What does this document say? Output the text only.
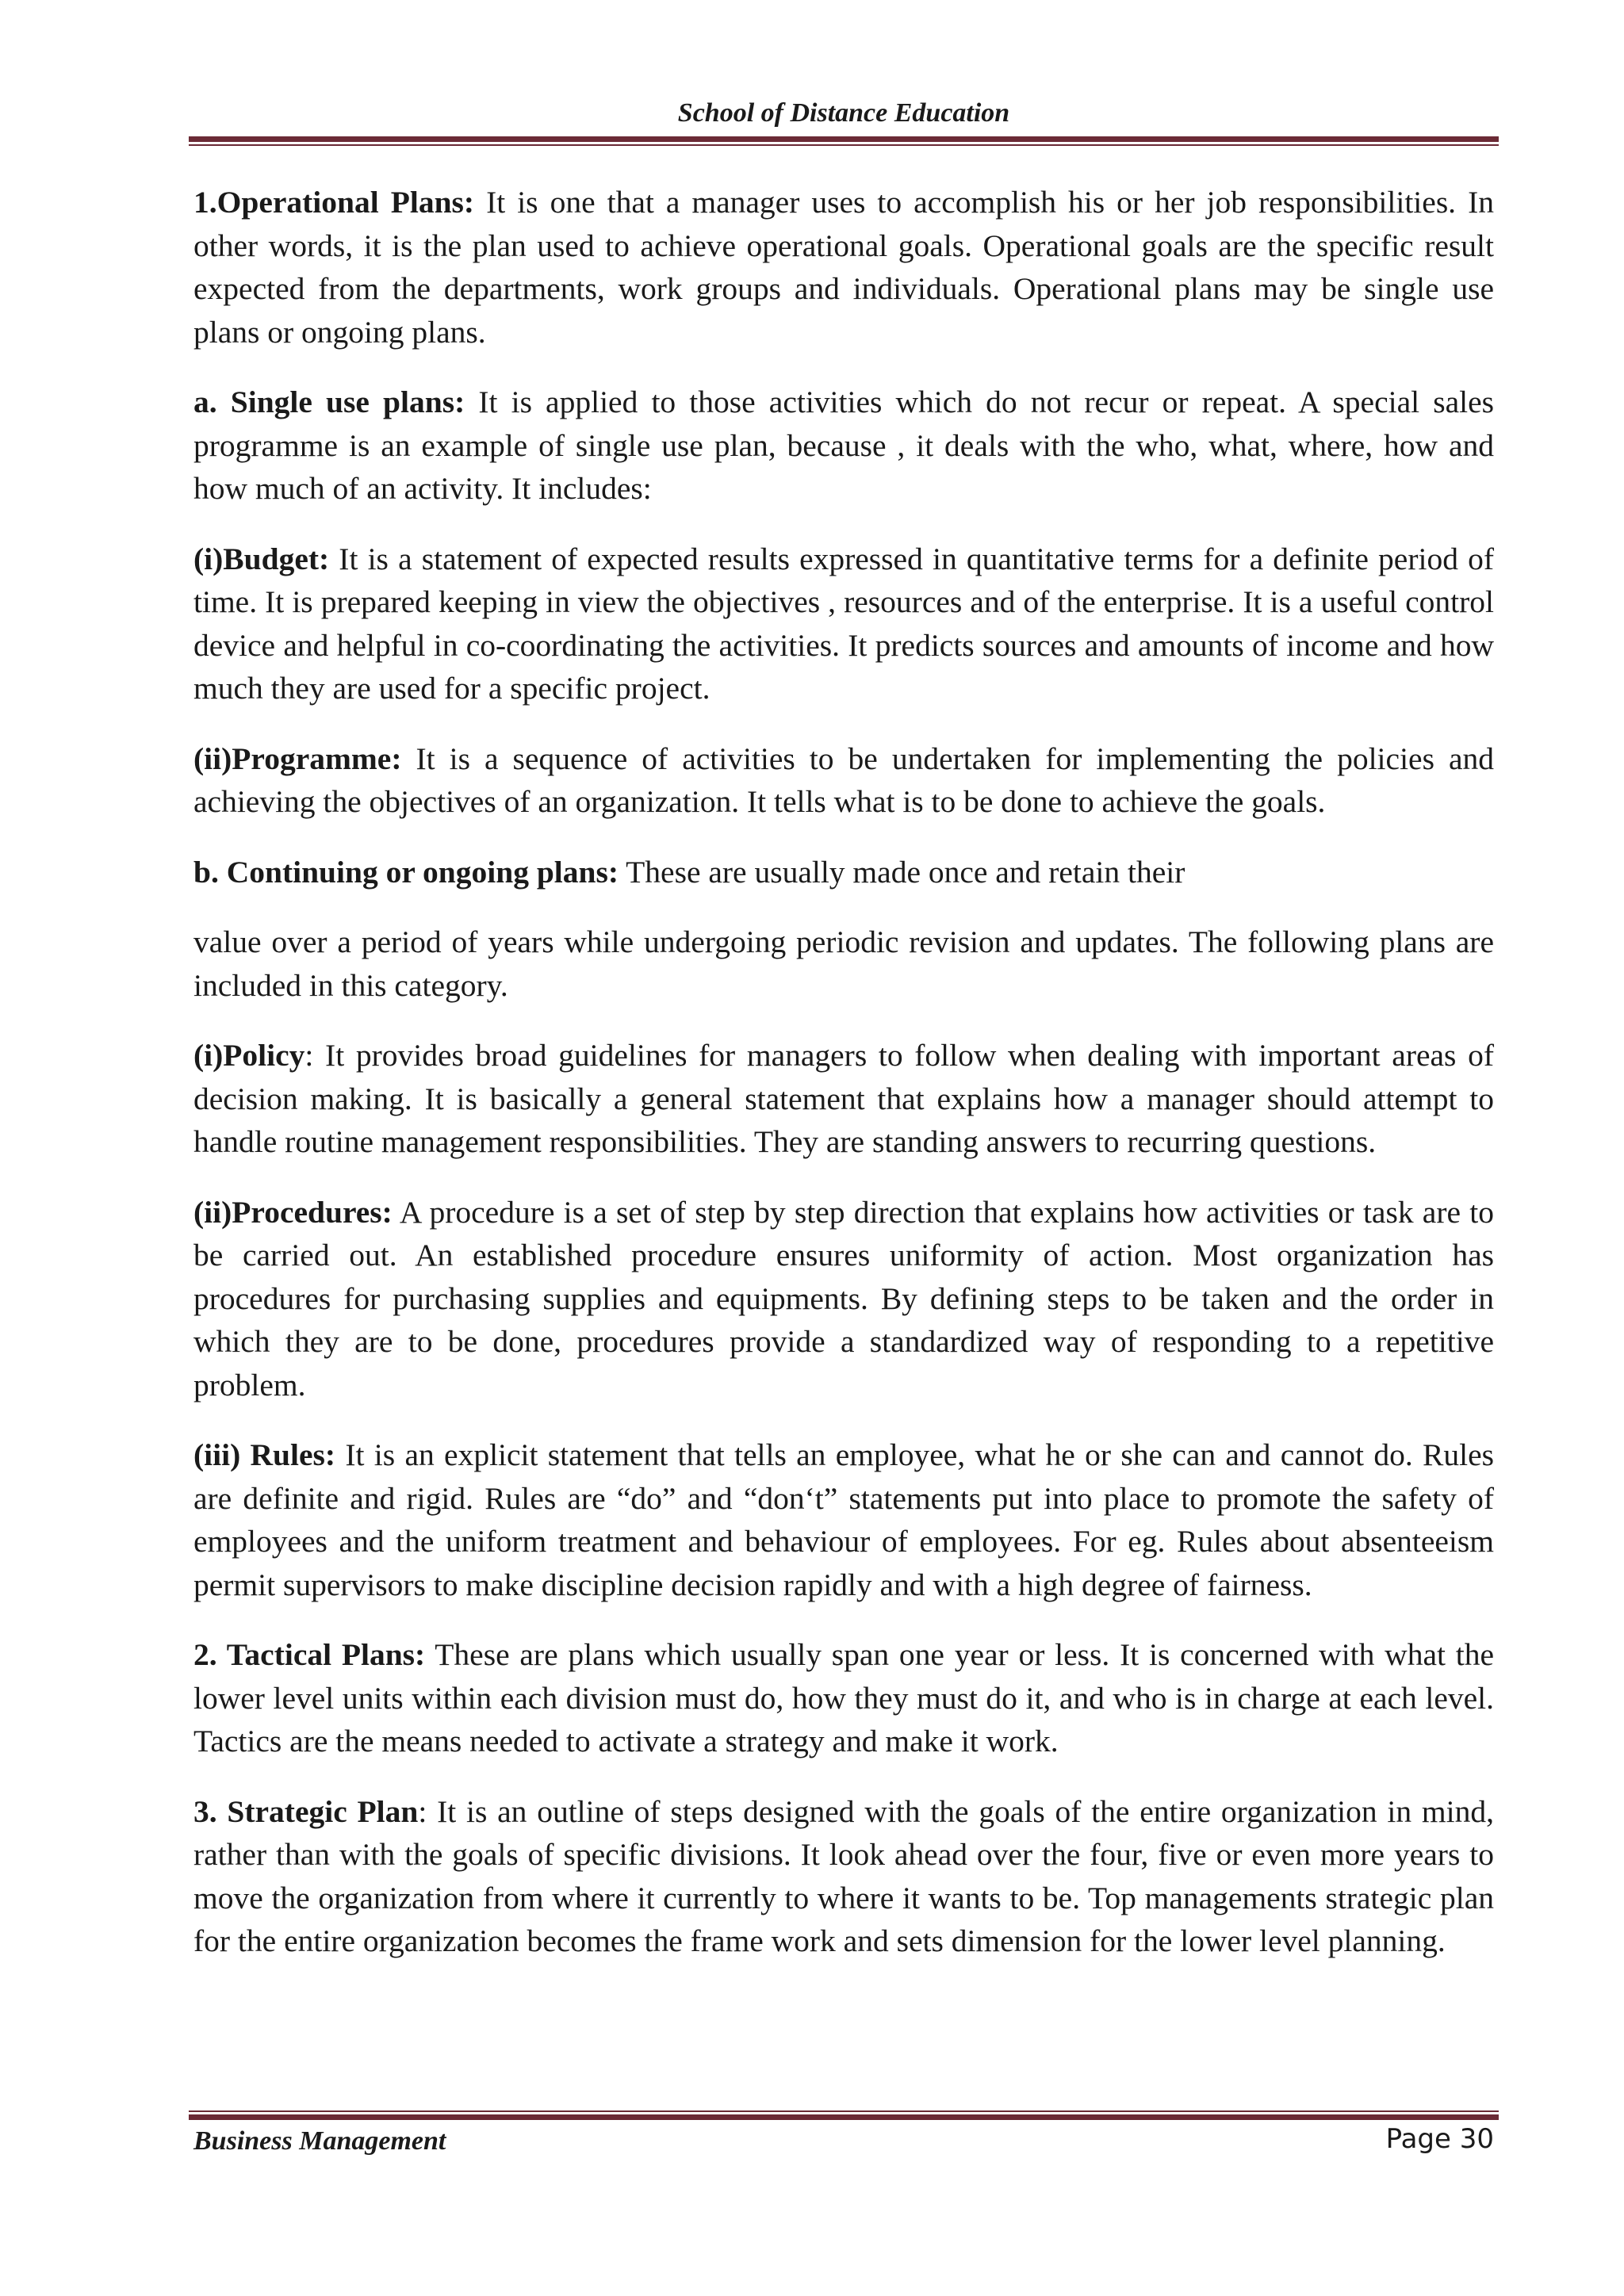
School of Distance Education

1.Operational Plans: It is one that a manager uses to accomplish his or her job responsibilities. In other words, it is the plan used to achieve operational goals. Operational goals are the specific result expected from the departments, work groups and individuals. Operational plans may be single use plans or ongoing plans.

a. Single use plans: It is applied to those activities which do not recur or repeat. A special sales programme is an example of single use plan, because , it deals with the who, what, where, how and how much of an activity. It includes:

(i)Budget: It is a statement of expected results expressed in quantitative terms for a definite period of time. It is prepared keeping in view the objectives , resources and of the enterprise. It is a useful control device and helpful in co-coordinating the activities. It predicts sources and amounts of income and how much they are used for a specific project.

(ii)Programme: It is a sequence of activities to be undertaken for implementing the policies and achieving the objectives of an organization. It tells what is to be done to achieve the goals.

b. Continuing or ongoing plans: These are usually made once and retain their

value over a period of years while undergoing periodic revision and updates. The following plans are included in this category.

(i)Policy: It provides broad guidelines for managers to follow when dealing with important areas of decision making. It is basically a general statement that explains how a manager should attempt to handle routine management responsibilities. They are standing answers to recurring questions.

(ii)Procedures: A procedure is a set of step by step direction that explains how activities or task are to be carried out. An established procedure ensures uniformity of action. Most organization has procedures for purchasing supplies and equipments. By defining steps to be taken and the order in which they are to be done, procedures provide a standardized way of responding to a repetitive problem.

(iii) Rules: It is an explicit statement that tells an employee, what he or she can and cannot do. Rules are definite and rigid. Rules are “do” and “don‘t” statements put into place to promote the safety of employees and the uniform treatment and behaviour of employees. For eg. Rules about absenteeism permit supervisors to make discipline decision rapidly and with a high degree of fairness.

2. Tactical Plans: These are plans which usually span one year or less. It is concerned with what the lower level units within each division must do, how they must do it, and who is in charge at each level. Tactics are the means needed to activate a strategy and make it work.

3. Strategic Plan: It is an outline of steps designed with the goals of the entire organization in mind, rather than with the goals of specific divisions. It look ahead over the four, five or even more years to move the organization from where it currently to where it wants to be. Top managements strategic plan for the entire organization becomes the frame work and sets dimension for the lower level planning.

Business Management	Page 30
